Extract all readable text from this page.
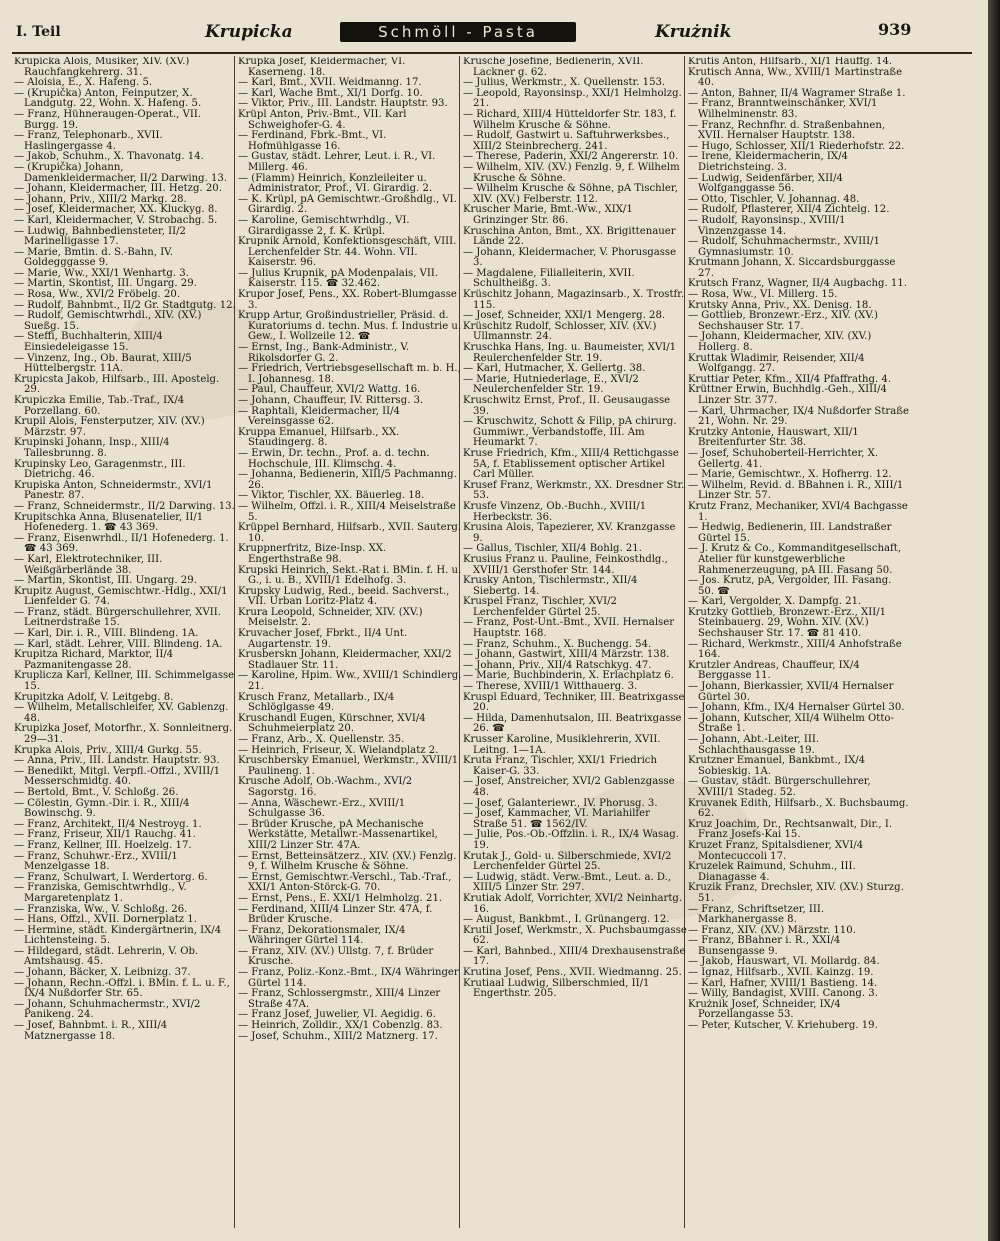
I. Teil	Krupicka	Schmöll - Pasta	Krużnik	939

Krupicka Alois, Musiker, XIV. (XV.) Rauchfangkehrerg. 31.

— Aloisia, E., X. Hafeng. 5.

— (Krupička) Anton, Feinputzer, X. Landgutg. 22, Wohn. X. Hafeng. 5.

— Franz, Hühneraugen-Operat., VII. Burgg. 19.

— Franz, Telephonarb., XVII. Haslingergasse 4.

— Jakob, Schuhm., X. Thavonatg. 14.

— (Krupička) Johann, Damenkleidermacher, II/2 Darwing. 13.

— Johann, Kleidermacher, III. Hetzg. 20.

— Johann, Priv., XIII/2 Markg. 28.

— Josef, Kleidermacher, XX. Kluckyg. 8.

— Karl, Kleidermacher, V. Strobachg. 5.

— Ludwig, Bahnbediensteter, II/2 Marinelligasse 17.

— Marie, Bmtin. d. S.-Bahn, IV. Goldegggasse 9.

— Marie, Ww., XXI/1 Wenhartg. 3.

— Martin, Skontist, III. Ungarg. 29.

— Rosa, Ww., XVI/2 Fröbelg. 20.

— Rudolf, Bahnbmt., II/2 Gr. Stadtgutg. 12.

— Rudolf, Gemischtwrhdl., XIV. (XV.) Sueßg. 15.

— Steffi, Buchhalterin, XIII/4 Einsiedeleigasse 15.

— Vinzenz, Ing., Ob. Baurat, XIII/5 Hüttelbergstr. 11A.

Krupicsta Jakob, Hilfsarb., III. Apostelg. 29.

Krupiczka Emilie, Tab.-Traf., IX/4 Porzellang. 60.

Krupil Alois, Fensterputzer, XIV. (XV.) Märzstr. 97.

Krupinski Johann, Insp., XIII/4 Tallesbrunng. 8.

Krupinsky Leo, Garagenmstr., III. Dietrichg. 46.

Krupiska Anton, Schneidermstr., XVI/1 Panestr. 87.

— Franz, Schneidermstr., II/2 Darwing. 13.

Krupitschka Anna, Blusenatelier, II/1 Hofenederg. 1. ☎ 43 369.

— Franz, Eisenwrhdl., II/1 Hofenederg. 1. ☎ 43 369.

— Karl, Elektrotechniker, III. Weißgärberlände 38.

— Martin, Skontist, III. Ungarg. 29.

Krupitz August, Gemischtwr.-Hdlg., XXI/1 Lienfelder G. 74.

— Franz, städt. Bürgerschullehrer, XVII. Leitnerdstraße 15.

— Karl, Dir. i. R., VIII. Blindeng. 1A.

— Karl, städt. Lehrer, VIII. Blindeng. 1A.

Krupitza Richard, Marktor, II/4 Pazmanitengasse 28.

Kruplicza Karl, Kellner, III. Schimmelgasse 15.

Krupitzka Adolf, V. Leitgebg. 8.

— Wilhelm, Metallschleifer, XV. Gablenzg. 48.

Krupizka Josef, Motorfhr., X. Sonnleitnerg. 29—31.

Krupka Alois, Priv., XIII/4 Gurkg. 55.

— Anna, Priv., III. Landstr. Hauptstr. 93.

— Benedikt, Mitgl. Verpfl.-Offzl., XVIII/1 Messerschmidtg. 40.

— Bertold, Bmt., V. Schloßg. 26.

— Cölestin, Gymn.-Dir. i. R., XIII/4 Bowinschg. 9.

— Franz, Architekt, II/4 Nestroyg. 1.

— Franz, Friseur, XII/1 Rauchg. 41.

— Franz, Kellner, III. Hoelzelg. 17.

— Franz, Schuhwr.-Erz., XVIII/1 Menzelgasse 18.

— Franz, Schulwart, I. Werdertorg. 6.

— Franziska, Gemischtwrhdlg., V. Margaretenplatz 1.

— Franziska, Ww., V. Schloßg. 26.

— Hans, Offzl., XVII. Dornerplatz 1.

— Hermine, städt. Kindergärtnerin, IX/4 Lichtensteing. 5.

— Hildegard, städt. Lehrerin, V. Ob. Amtshausg. 45.

— Johann, Bäcker, X. Leibnizg. 37.

— Johann, Rechn.-Offzl. i. BMin. f. L. u. F., IX/4 Nußdorfer Str. 65.

— Johann, Schuhmachermstr., XVI/2 Panikeng. 24.

— Josef, Bahnbmt. i. R., XIII/4 Matznergasse 18.

Krupka Josef, Kleidermacher, VI. Kaserneng. 18.

— Karl, Bmt., XVII. Weidmanng. 17.

— Karl, Wache Bmt., XI/1 Dorfg. 10.

— Viktor, Priv., III. Landstr. Hauptstr. 93.

Krüpl Anton, Priv.-Bmt., VII. Karl Schweighofer-G. 4.

— Ferdinand, Fbrk.-Bmt., VI. Hofmühlgasse 16.

— Gustav, städt. Lehrer, Leut. i. R., VI. Millerg. 46.

— (Flamm) Heinrich, Konzleileiter u. Administrator, Prof., VI. Girardig. 2.

— K. Krüpl, pA Gemischtwr.-Großhdlg., VI. Girardig. 2.

— Karoline, Gemischtwrhdlg., VI. Girardigasse 2, f. K. Krüpl.

Krupnik Arnold, Konfektionsgeschäft, VIII. Lerchenfelder Str. 44. Wohn. VII. Kaiserstr. 96.

— Julius Krupnik, pA Modenpalais, VII. Kaiserstr. 115. ☎ 32.462.

Krupor Josef, Pens., XX. Robert-Blumgasse 3.

Krupp Artur, Großindustrieller, Präsid. d. Kuratoriums d. techn. Mus. f. Industrie u. Gew., I. Wollzeile 12. ☎

— Ernst, Ing., Bank-Administr., V. Rikolsdorfer G. 2.

— Friedrich, Vertriebsgesellschaft m. b. H., I. Johannesg. 18.

— Paul, Chauffeur, XVI/2 Wattg. 16.

— Johann, Chauffeur, IV. Rittersg. 3.

— Raphtali, Kleidermacher, II/4 Vereinsgasse 62.

Kruppa Emanuel, Hilfsarb., XX. Staudingerg. 8.

— Erwin, Dr. techn., Prof. a. d. techn. Hochschule, III. Klimschg. 4.

— Johanna, Bedienerin, XIII/5 Pachmanng. 26.

— Viktor, Tischler, XX. Bäuerleg. 18.

— Wilhelm, Offzl. i. R., XIII/4 Meiselstraße 5.

Krüppel Bernhard, Hilfsarb., XVII. Sauterg. 10.

Kruppnerfritz, Bize-Insp. XX. Engerthstraße 98.

Krupski Heinrich, Sekt.-Rat i. BMin. f. H. u. G., i. u. B., XVIII/1 Edelhofg. 3.

Krupsky Ludwig, Red., beeid. Sachverst., VII. Urban Loritz-Platz 4.

Krura Leopold, Schneider, XIV. (XV.) Meiselstr. 2.

Kruvacher Josef, Fbrkt., II/4 Unt. Augartenstr. 19.

Krusberskn Johann, Kleidermacher, XXI/2 Stadlauer Str. 11.

— Karoline, Hpim. Ww., XVIII/1 Schindlerg. 21.

Krusch Franz, Metallarb., IX/4 Schlöglgasse 49.

Kruschandl Eugen, Kürschner, XVI/4 Schuhmeierplatz 20.

— Franz, Arb., X. Quellenstr. 35.

— Heinrich, Friseur, X. Wielandplatz 2.

Kruschbersky Emanuel, Werkmstr., XVIII/1 Paulineng. 1.

Krusche Adolf, Ob.-Wachm., XVI/2 Sagorstg. 16.

— Anna, Wäschewr.-Erz., XVIII/1 Schulgasse 36.

— Brüder Krusche, pA Mechanische Werkstätte, Metallwr.-Massenartikel, XIII/2 Linzer Str. 47A.

— Ernst, Betteinsätzerz., XIV. (XV.) Fenzlg. 9, f. Wilhelm Krusche & Söhne.

— Ernst, Gemischtwr.-Verschl., Tab.-Traf., XXI/1 Anton-Störck-G. 70.

— Ernst, Pens., E. XXI/1 Helmholzg. 21.

— Ferdinand, XIII/4 Linzer Str. 47A, f. Brüder Krusche.

— Franz, Dekorationsmaler, IX/4 Währinger Gürtel 114.

— Franz, XIV. (XV.) Ullstg. 7, f. Brüder Krusche.

— Franz, Poliz.-Konz.-Bmt., IX/4 Währinger Gürtel 114.

— Franz, Schlossergmstr., XIII/4 Linzer Straße 47A.

— Franz Josef, Juwelier, VI. Aegidig. 6.

— Heinrich, Zolldir., XX/1 Cobenzlg. 83.

— Josef, Schuhm., XIII/2 Matznerg. 17.

Krusche Josefine, Bedienerin, XVII. Lackner g. 62.

— Julius, Werkmstr., X. Quellenstr. 153.

— Leopold, Rayonsinsp., XXI/1 Helmholzg. 21.

— Richard, XIII/4 Hütteldorfer Str. 183, f. Wilhelm Krusche & Söhne.

— Rudolf, Gastwirt u. Saftuhrwerksbes., XIII/2 Steinbrecherg. 241.

— Therese, Paderin, XXI/2 Angererstr. 10.

— Wilhelm, XIV. (XV.) Fenzlg. 9, f. Wilhelm Krusche & Söhne.

— Wilhelm Krusche & Söhne, pA Tischler, XIV. (XV.) Felberstr. 112.

Kruscher Marie, Bmt.-Ww., XIX/1 Grinzinger Str. 86.

Kruschina Anton, Bmt., XX. Brigittenauer Lände 22.

— Johann, Kleidermacher, V. Phorusgasse 3.

— Magdalene, Filialleiterin, XVII. Schultheißg. 3.

Krüschitz Johann, Magazinsarb., X. Trostfr. 115.

— Josef, Schneider, XXI/1 Mengerg. 28.

Krüschitz Rudolf, Schlosser, XIV. (XV.) Ullmannstr. 24.

Kruschka Hans, Ing. u. Baumeister, XVI/1 Reulerchenfelder Str. 19.

— Karl, Hutmacher, X. Gellertg. 38.

— Marie, Hutniederlage, E., XVI/2 Neulerchenfelder Str. 19.

Kruschwitz Ernst, Prof., II. Geusaugasse 39.

— Kruschwitz, Schott & Filip, pA chirurg. Gummiwr., Verbandstoffe, III. Am Heumarkt 7.

Kruse Friedrich, Kfm., XIII/4 Rettichgasse 5A, f. Etablissement optischer Artikel Carl Müller.

Krusef Franz, Werkmstr., XX. Dresdner Str. 53.

Krusfe Vinzenz, Ob.-Buchh., XVIII/1 Herbeckstr. 36.

Krusina Alois, Tapezierer, XV. Kranzgasse 9.

— Gallus, Tischler, XII/4 Bohlg. 21.

Krusius Franz u. Pauline, Feinkosthdlg., XVIII/1 Gersthofer Str. 144.

Krusky Anton, Tischlermstr., XII/4 Siebertg. 14.

Kruspel Franz, Tischler, XVI/2 Lerchenfelder Gürtel 25.

— Franz, Post-Unt.-Bmt., XVII. Hernalser Hauptstr. 168.

— Franz, Schuhm., X. Buchengg. 54.

— Johann, Gastwirt, XIII/4 Märzstr. 138.

— Johann, Priv., XII/4 Ratschkyg. 47.

— Marie, Buchbinderin, X. Erlachplatz 6.

— Therese, XVIII/1 Witthauerg. 3.

Kruspl Eduard, Techniker, III. Beatrixgasse 20.

— Hilda, Damenhutsalon, III. Beatrixgasse 26. ☎

Krusser Karoline, Musiklehrerin, XVII. Leitng. 1—1A.

Kruta Franz, Tischler, XXI/1 Friedrich Kaiser-G. 33.

— Josef, Anstreicher, XVI/2 Gablenzgasse 48.

— Josef, Galanteriewr., IV. Phorusg. 3.

— Josef, Kammacher, VI. Mariahilfer Straße 51. ☎ 1562/IV.

— Julie, Pos.-Ob.-Offzlin. i. R., IX/4 Wasag. 19.

Krutak J., Gold- u. Silberschmiede, XVI/2 Lerchenfelder Gürtel 25.

— Ludwig, städt. Verw.-Bmt., Leut. a. D., XIII/5 Linzer Str. 297.

Krutiak Adolf, Vorrichter, XVI/2 Neinhartg. 16.

— August, Bankbmt., I. Grünangerg. 12.

Krutil Josef, Werkmstr., X. Puchsbaumgasse 62.

— Karl, Bahnbed., XIII/4 Drexhausenstraße 17.

Krutina Josef, Pens., XVII. Wiedmanng. 25.

Krutiaal Ludwig, Silberschmied, II/1 Engerthstr. 205.

Krutis Anton, Hilfsarb., XI/1 Hauffg. 14.

Krutisch Anna, Ww., XVIII/1 Martinstraße 40.

— Anton, Bahner, II/4 Wagramer Straße 1.

— Franz, Branntweinschänker, XVI/1 Wilhelminenstr. 83.

— Franz, Rechnfhr. d. Straßenbahnen, XVII. Hernalser Hauptstr. 138.

— Hugo, Schlosser, XII/1 Riederhofstr. 22.

— Irene, Kleidermacherin, IX/4 Dietrichsteing. 3.

— Ludwig, Seidenfärber, XII/4 Wolfganggasse 56.

— Otto, Tischler, V. Johannag. 48.

— Rudolf, Pflasterer, XII/4 Zichtelg. 12.

— Rudolf, Rayonsinsp., XVIII/1 Vinzenzgasse 14.

— Rudolf, Schuhmachermstr., XVIII/1 Gymnasiumstr. 10.

Krutmann Johann, X. Siccardsburggasse 27.

Krutsch Franz, Wagner, II/4 Augbachg. 11.

— Rosa, Ww., VI. Millerg. 15.

Krutsky Anna, Priv., XX. Denisg. 18.

— Gottlieb, Bronzewr.-Erz., XIV. (XV.) Sechshauser Str. 17.

— Johann, Kleidermacher, XIV. (XV.) Hollerg. 8.

Kruttak Wladimir, Reisender, XII/4 Wolfgangg. 27.

Kruttiar Peter, Kfm., XII/4 Pfaffrathg. 4.

Krüttner Erwin, Buchhdlg.-Geh., XIII/4 Linzer Str. 377.

— Karl, Uhrmacher, IX/4 Nußdorfer Straße 21, Wohn. Nr. 29.

Krutzky Antonie, Hauswart, XII/1 Breitenfurter Str. 38.

— Josef, Schuhoberteil-Herrichter, X. Gellertg. 41.

— Marie, Gemischtwr., X. Hofherrg. 12.

— Wilhelm, Revid. d. BBahnen i. R., XIII/1 Linzer Str. 57.

Krutz Franz, Mechaniker, XVI/4 Bachgasse 1.

— Hedwig, Bedienerin, III. Landstraßer Gürtel 15.

— J. Krutz & Co., Kommanditgesellschaft, Atelier für kunstgewerbliche Rahmenerzeugung, pA III. Fasang 50.

— Jos. Krutz, pA, Vergolder, III. Fasang. 50. ☎

— Karl, Vergolder, X. Dampfg. 21.

Krutzky Gottlieb, Bronzewr.-Erz., XII/1 Steinbauerg. 29, Wohn. XIV. (XV.) Sechshauser Str. 17. ☎ 81 410.

— Richard, Werkmstr., XIII/4 Anhofstraße 164.

Krutzler Andreas, Chauffeur, IX/4 Berggasse 11.

— Johann, Bierkassier, XVII/4 Hernalser Gürtel 30.

— Johann, Kfm., IX/4 Hernalser Gürtel 30.

— Johann, Kutscher, XII/4 Wilhelm Otto-Straße 1.

— Johann, Abt.-Leiter, III. Schlachthausgasse 19.

Krutzner Emanuel, Bankbmt., IX/4 Sobieskig. 1A.

— Gustav, städt. Bürgerschullehrer, XVIII/1 Stadeg. 52.

Kruvanek Edith, Hilfsarb., X. Buchsbaumg. 62.

Kruz Joachim, Dr., Rechtsanwalt, Dir., I. Franz Josefs-Kai 15.

Kruzet Franz, Spitalsdiener, XVI/4 Montecuccoli 17.

Kruzelek Raimund, Schuhm., III. Dianagasse 4.

Kruzik Franz, Drechsler, XIV. (XV.) Sturzg. 51.

— Franz, Schriftsetzer, III. Markhanergasse 8.

— Franz, XIV. (XV.) Märzstr. 110.

— Franz, BBahner i. R., XXI/4 Bunsengasse 9.

— Jakob, Hauswart, VI. Mollardg. 84.

— Ignaz, Hilfsarb., XVII. Kainzg. 19.

— Karl, Hafner, XVIII/1 Bastieng. 14.

— Willy, Bandagist, XVIII. Canong. 3.

Krużnik Josef, Schneider, IX/4 Porzellangasse 53.

— Peter, Kutscher, V. Kriehuberg. 19.
